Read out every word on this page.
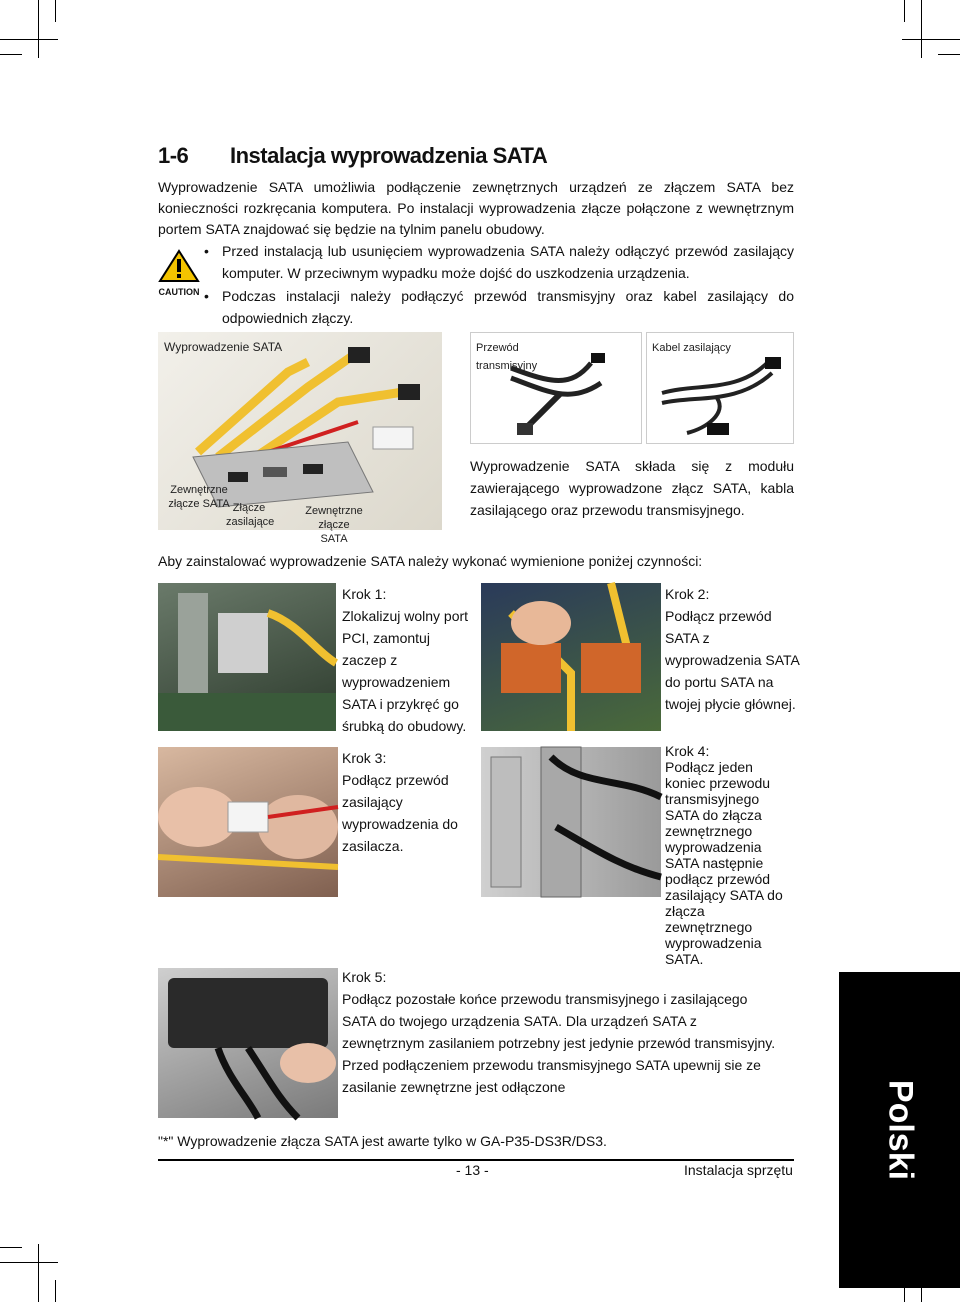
1-6 Instalacja wyprowadzenia SATA
Wyprowadzenie SATA umożliwia podłączenie zewnętrznych urządzeń ze złączem SATA bez konieczności rozkręcania komputera. Po instalacji wyprowadzenia złącze połączone z wewnętrznym portem SATA znajdować się będzie na tylnim panelu obudowy.
CAUTION
• Przed instalacją lub usunięciem wyprowadzenia SATA należy odłączyć przewód zasilający komputer. W przeciwnym wypadku może dojść do uszkodzenia urządzenia.
• Podczas instalacji należy podłączyć przewód transmisyjny oraz kabel zasilający do odpowiednich złączy.
Wyprowadzenie SATA
Zewnętrzne złącze SATA Złącze zasilające
Zewnętrzne złącze SATA
Przewód transmisyjny
Kabel zasilający
Wyprowadzenie SATA składa się z modułu zawierającego wyprowadzone złącz SATA, kabla zasilającego oraz przewodu transmisyjnego.
Aby zainstalować wyprowadzenie SATA należy wykonać wymienione poniżej czynności:
Krok 1:
Zlokalizuj wolny port PCI, zamontuj zaczep z wyprowadzeniem SATA i przykręć go śrubką do obudowy.
Krok 2:
Podłącz przewód SATA z wyprowadzenia SATA do portu SATA na twojej płycie głównej.
Krok 3:
Podłącz przewód zasilający wyprowadzenia do zasilacza.
Krok 4:
Podłącz jeden koniec przewodu transmisyjnego SATA do złącza zewnętrznego wyprowadzenia SATA następnie podłącz przewód zasilający SATA do złącza zewnętrznego wyprowadzenia SATA.
Krok 5:
Podłącz pozostałe końce przewodu transmisyjnego i zasilającego SATA do twojego urządzenia SATA. Dla urządzeń SATA z zewnętrznym zasilaniem potrzebny jest jedynie przewód transmisyjny. Przed podłączeniem przewodu transmisyjnego SATA upewnij sie ze zasilanie zewnętrzne jest odłączone
"*" Wyprowadzenie złącza SATA jest awarte tylko w GA-P35-DS3R/DS3.
- 13 -	Instalacja sprzętu	Polski
